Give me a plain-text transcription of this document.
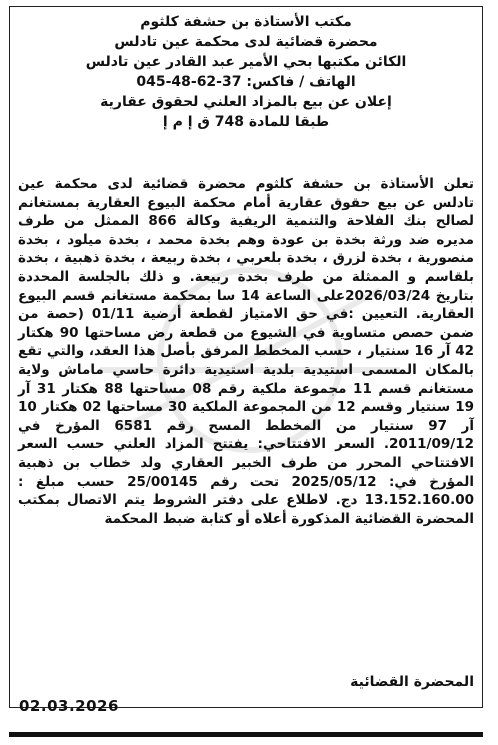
مكتب الأستاذة بن حشفة كلثوم
محضرة قضائية لدى محكمة عين تادلس
الكائن مكتبها بحي الأمير عبد القادر عين تادلس
الهاتف / فاكس: 37-62-48-045
إعلان عن بيع بالمزاد العلني لحقوق عقارية
طبقا للمادة 748 ق إ م إ
تعلن الأستاذة بن حشفة كلثوم محضرة قضائية لدى محكمة عين تادلس عن بيع حقوق عقارية أمام محكمة البيوع العقارية بمستغانم لصالح بنك الفلاحة والتنمية الريفية وكالة 866 الممثل من طرف مديره ضد ورثة بخدة بن عودة وهم بخدة محمد ، بخدة ميلود ، بخدة منصورية ، بخدة لزرق ، بخدة بلعربي ، بخدة ربيعة ، بخدة ذهبية ، بخدة بلقاسم و الممثلة من طرف بخدة ربيعة. و ذلك بالجلسة المحددة بتاريخ 2026/03/24على الساعة 14 سا بمحكمة مستغانم قسم البيوع العقارية. التعيين :في حق الامتياز لقطعة أرضية 01/11 (حصة من ضمن حصص متساوية في الشيوع من قطعة رض مساحتها 90 هكتار 42 آر 16 سنتيار ، حسب المخطط المرفق بأصل هذا العقد، والتي تقع بالمكان المسمى استيدية بلدية استيدية دائرة حاسي ماماش ولاية مستغانم قسم 11 مجموعة ملكية رقم 08 مساحتها 88 هكتار 31 آر 19 سنتيار وقسم 12 من المجموعة الملكية 30 مساحتها 02 هكتار 10 آر 97 سنتيار من المخطط المسح رقم 6581 المؤرخ في 2011/09/12. السعر الافتتاحي: يفتتح المزاد العلني حسب السعر الافتتاحي المحرر من طرف الخبير العقاري ولد خطاب بن ذهبية المؤرخ في: 2025/05/12 تحت رقم 25/00145 حسب مبلغ : 13.152.160.00 دج. لاطلاع على دفتر الشروط يتم الاتصال بمكتب المحضرة القضائية المذكورة أعلاه أو كتابة ضبط المحكمة
المحضرة القضائية
02.03.2026
